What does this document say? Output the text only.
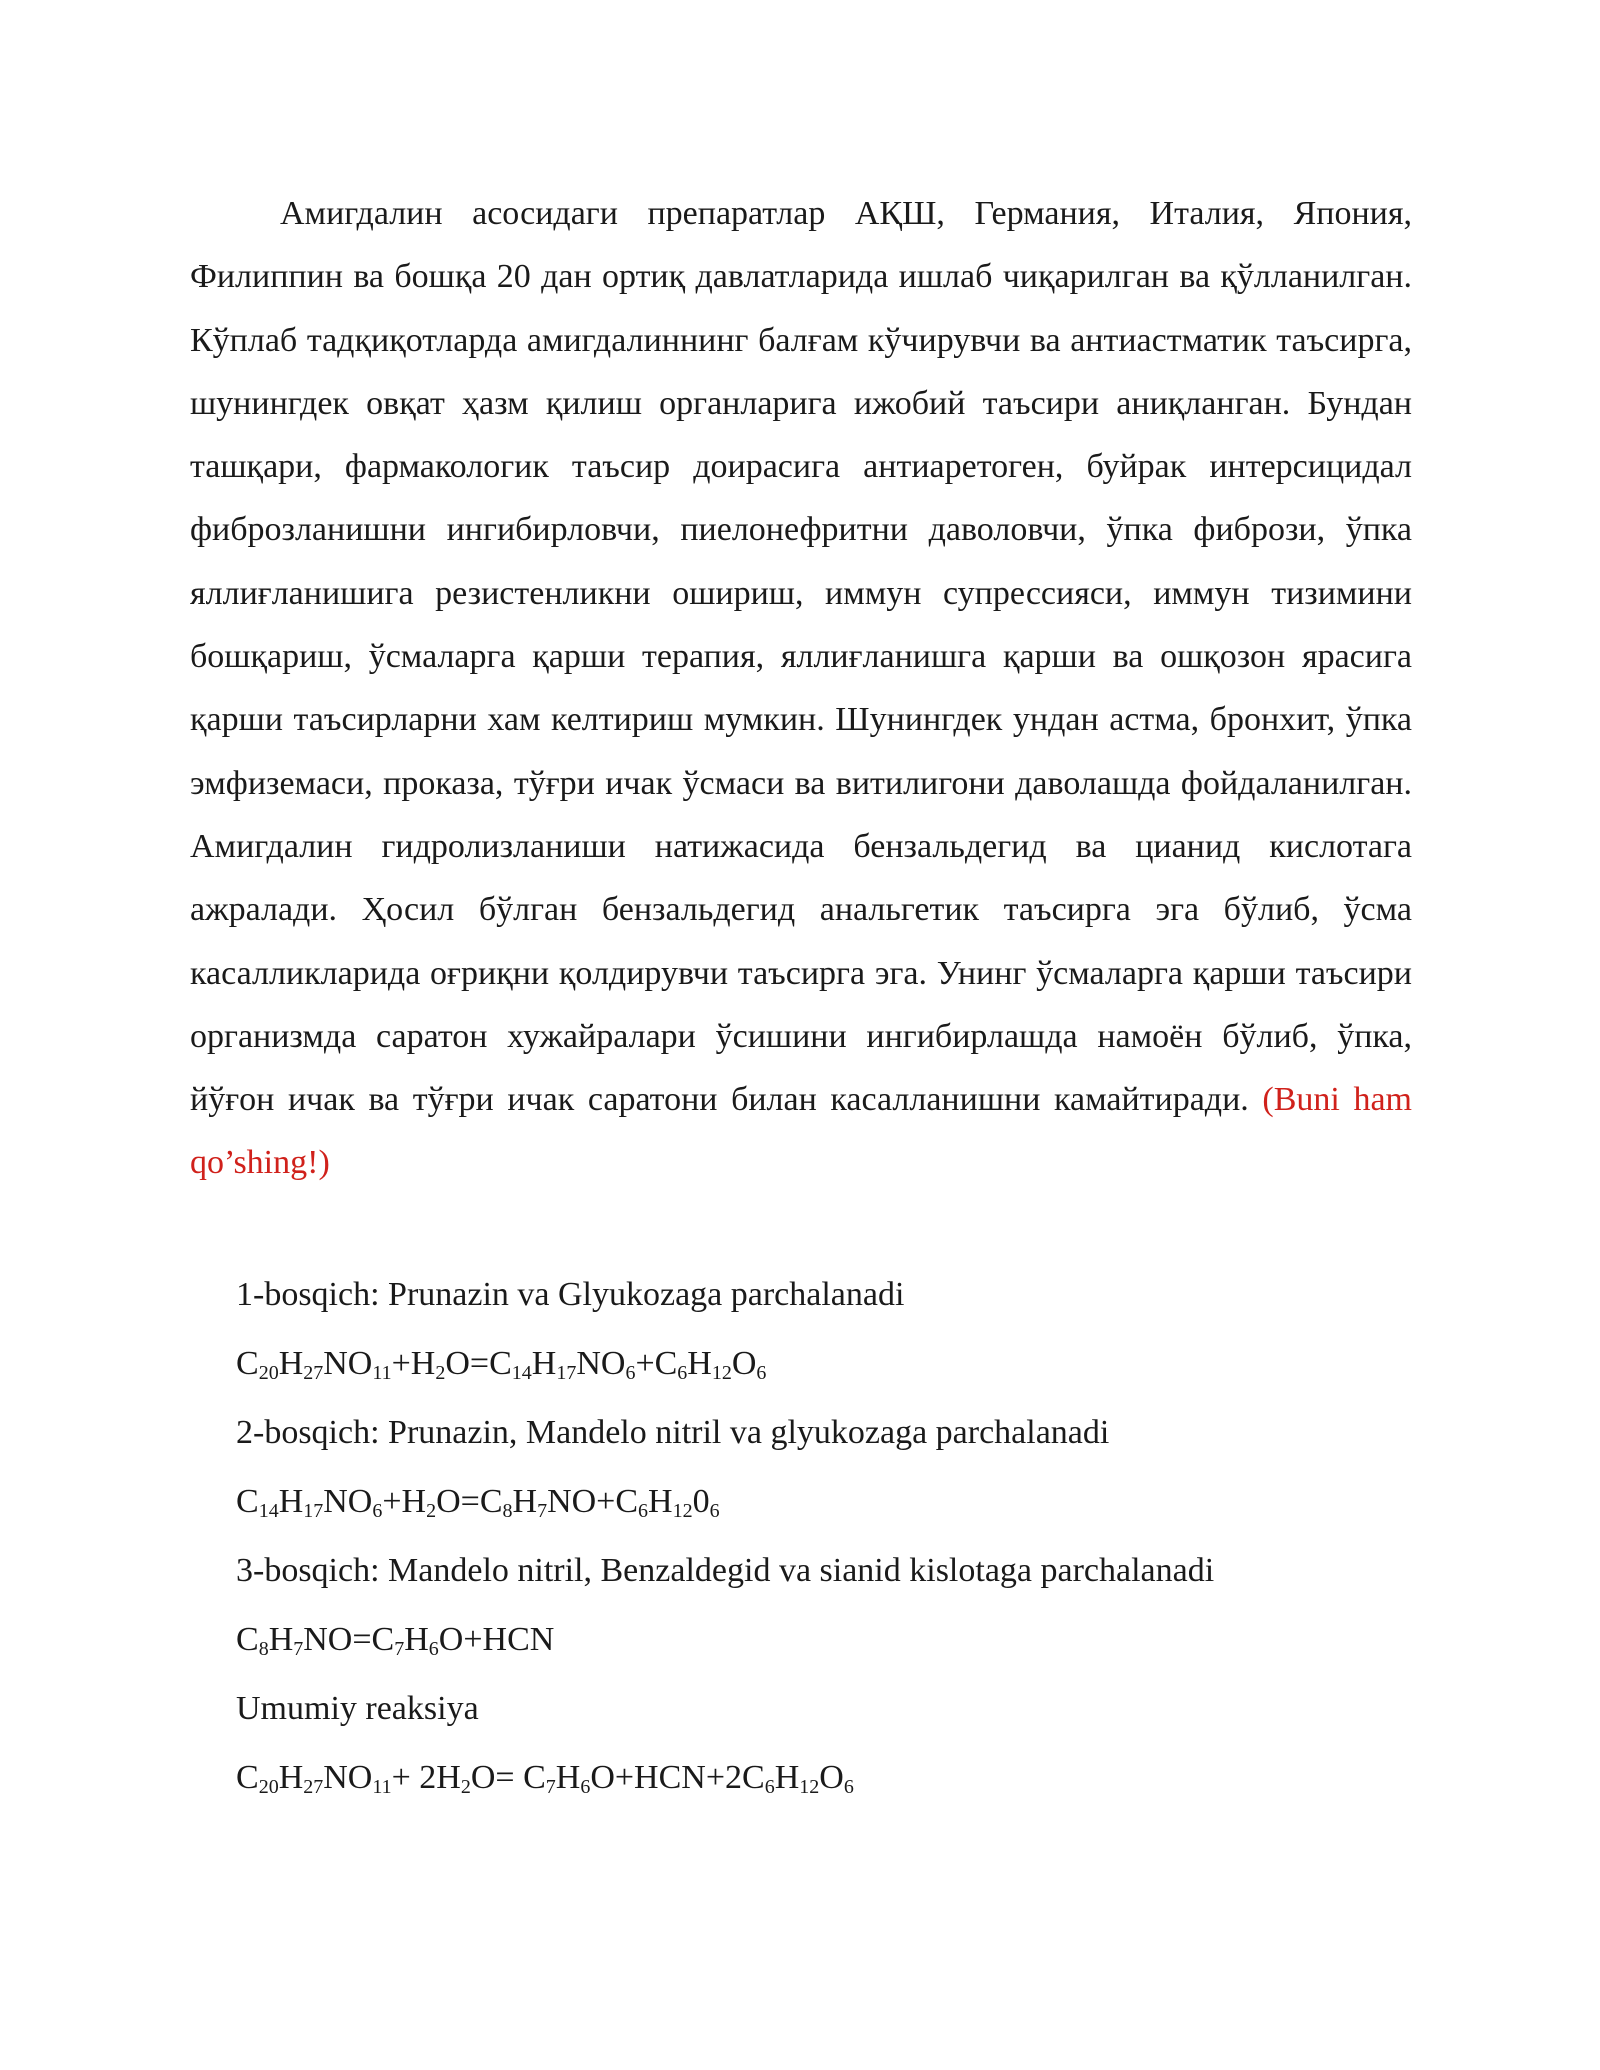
Амигдалин асосидаги препаратлар АҚШ, Германия, Италия, Япония, Филиппин ва бошқа 20 дан ортиқ давлатларида ишлаб чиқарилган ва қўлланилган. Кўплаб тадқиқотларда амигдалиннинг балғам кўчирувчи ва антиастматик таъсирга, шунингдек овқат ҳазм қилиш органларига ижобий таъсири аниқланган. Бундан ташқари, фармакологик таъсир доирасига антиаретоген, буйрак интерсицидал фиброзланишни ингибирловчи, пиелонефритни даволовчи, ўпка фибрози, ўпка яллиғланишига резистенликни ошириш, иммун супрессияси, иммун тизимини бошқариш, ўсмаларга қарши терапия, яллиғланишга қарши ва ошқозон ярасига қарши таъсирларни хам келтириш мумкин. Шунингдек ундан астма, бронхит, ўпка эмфиземаси, проказа, тўғри ичак ўсмаси ва витилигони даволашда фойдаланилган. Амигдалин гидролизланиши натижасида бензальдегид ва цианид кислотага ажралади. Ҳосил бўлган бензальдегид анальгетик таъсирга эга бўлиб, ўсма касалликларида оғриқни қолдирувчи таъсирга эга. Унинг ўсмаларга қарши таъсири организмда саратон хужайралари ўсишини ингибирлашда намоён бўлиб, ўпка, йўғон ичак ва тўғри ичак саратони билан касалланишни камайтиради. (Buni ham qo’shing!)

1-bosqich: Prunazin va Glyukozaga parchalanadi
$C_{20}H_{27}NO_{11}+H_2O=C_{14}H_{17}NO_6+C_6H_{12}O_6$
2-bosqich: Prunazin, Mandelo nitril va glyukozaga parchalanadi
$C_{14}H_{17}NO_6+H_2O=C_8H_7NO+C_6H_{12}0_6$
3-bosqich: Mandelo nitril, Benzaldegid va sianid kislotaga parchalanadi
$C_8H_7NO=C_7H_6O+HCN$
Umumiy reaksiya
$C_{20}H_{27}NO_{11}+ 2H_2O= C_7H_6O+HCN+2C_6H_{12}O_6$
